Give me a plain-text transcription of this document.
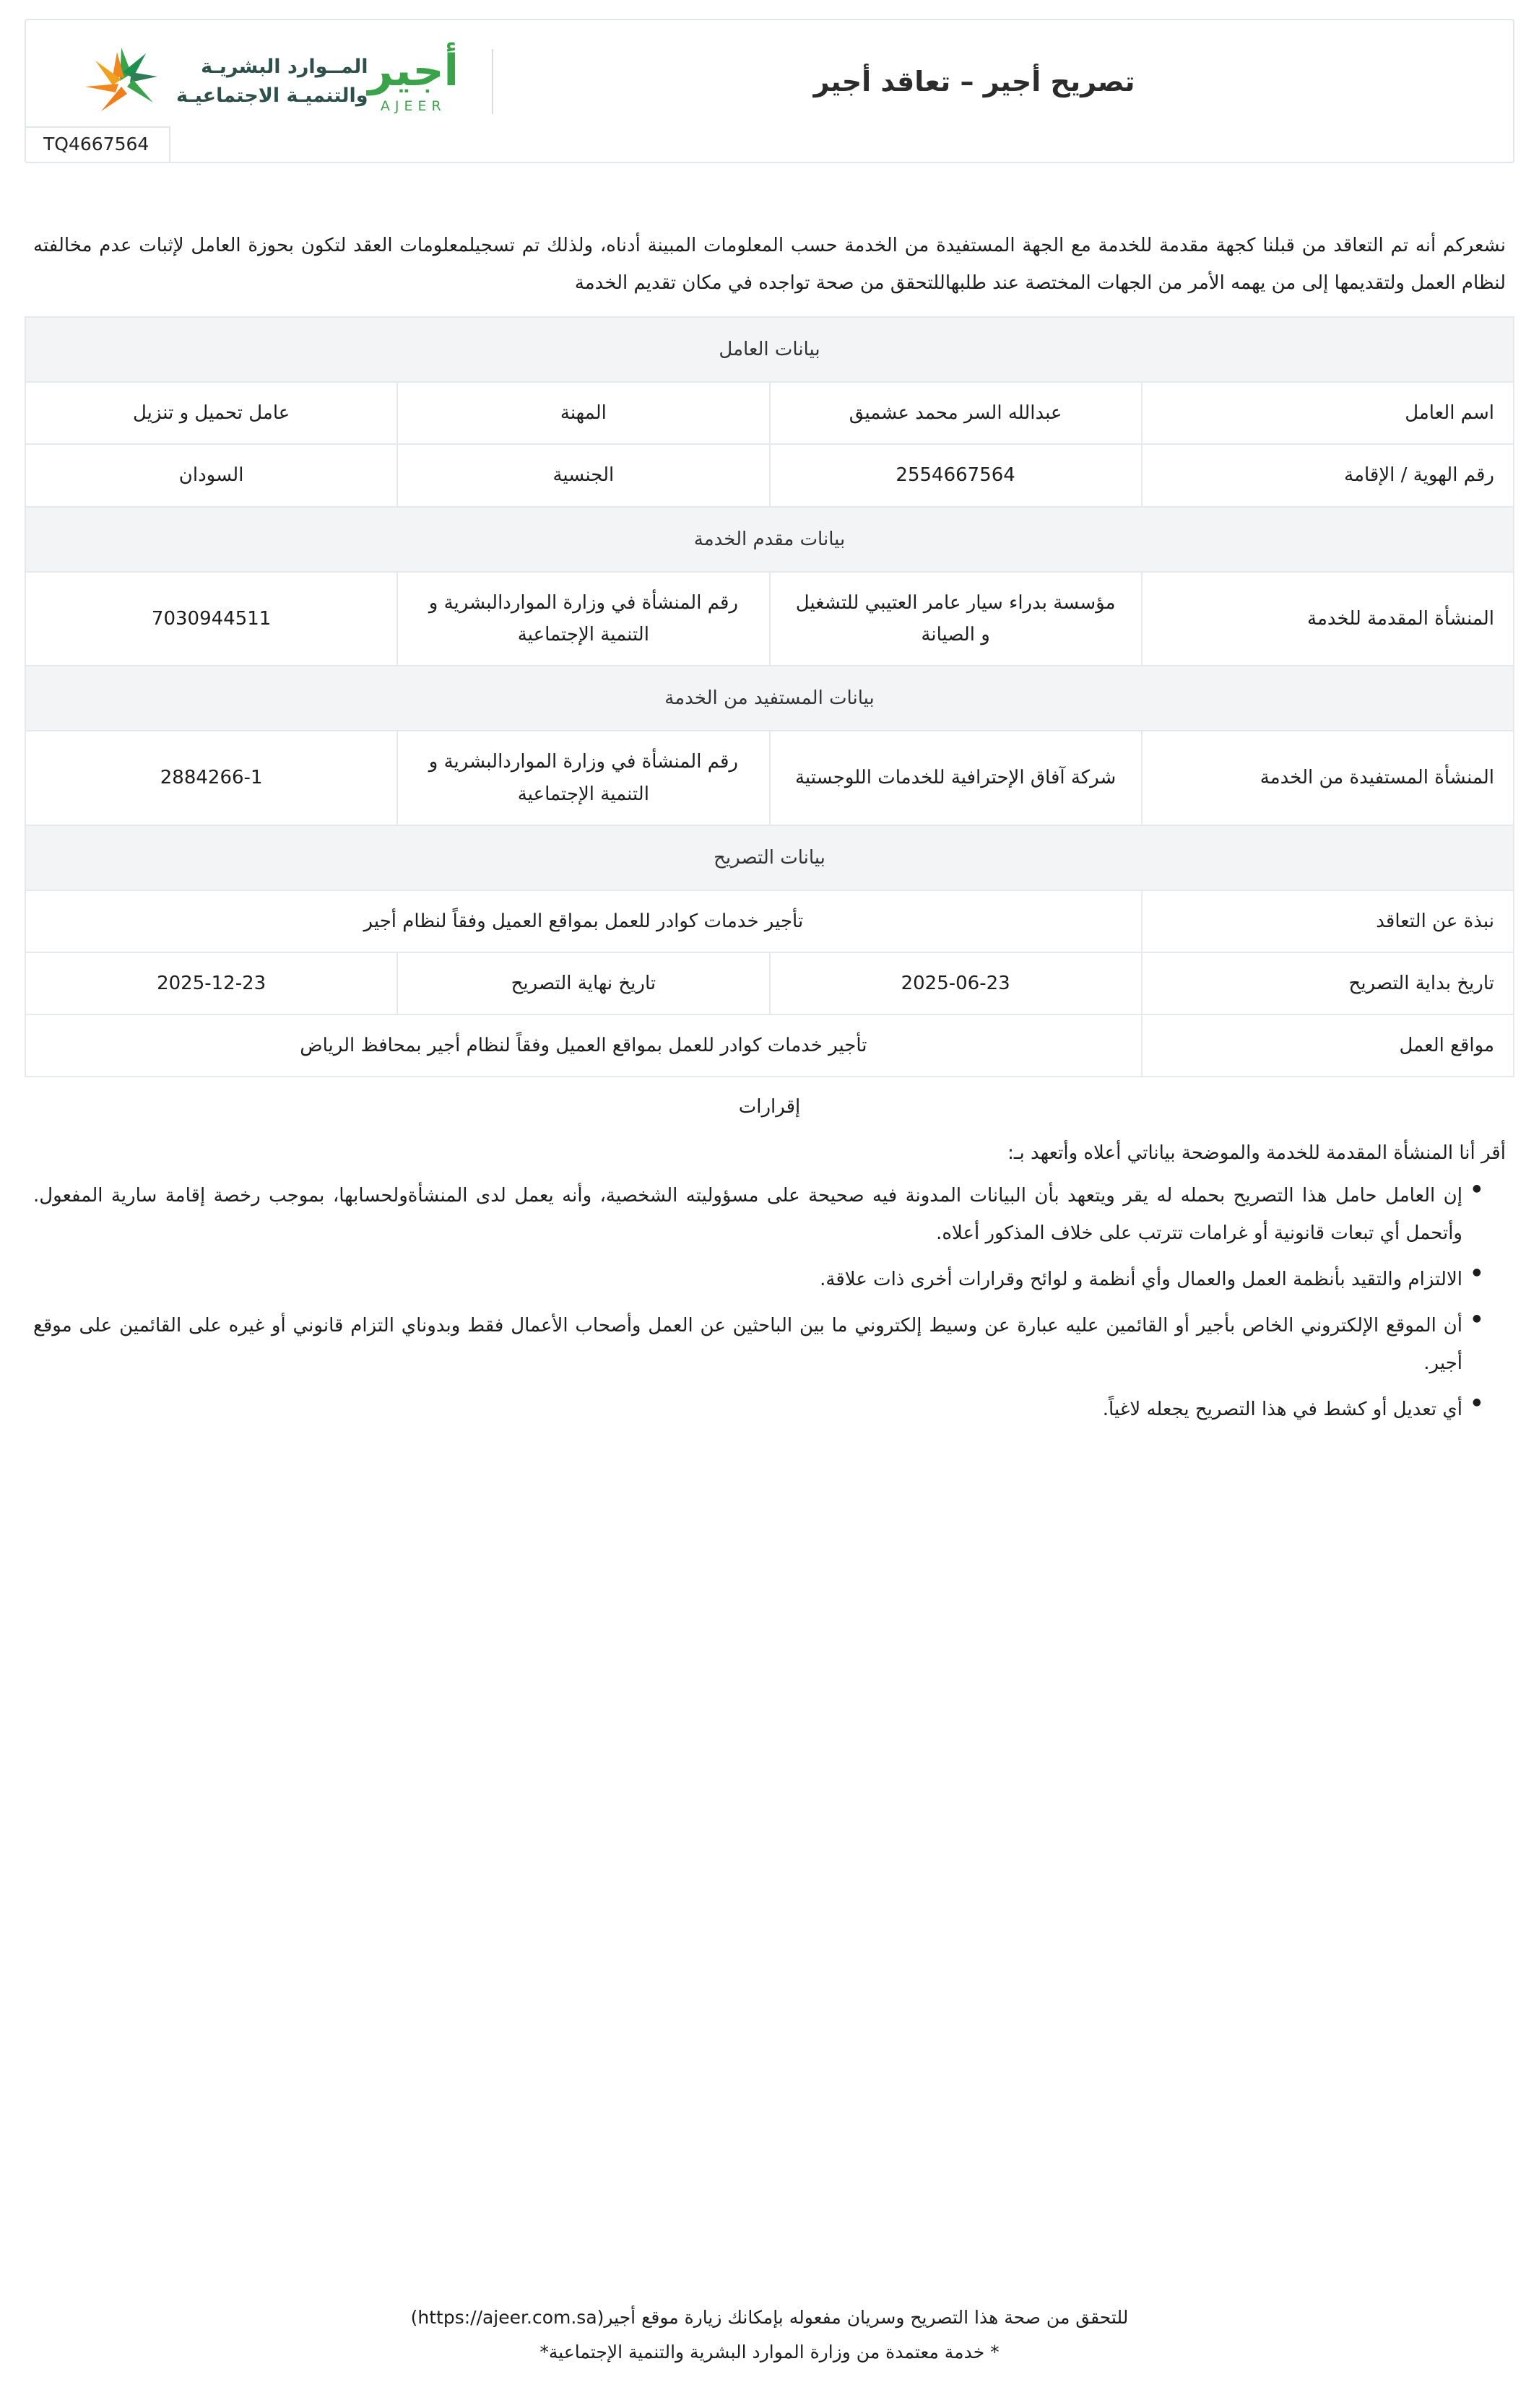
المــوارد البشريـة
والتنميـة الاجتماعيـة أجير
AJEER
تصريح أجير – تعاقد أجير
TQ4667564

نشعركم أنه تم التعاقد من قبلنا كجهة مقدمة للخدمة مع الجهة المستفيدة من الخدمة حسب المعلومات المبينة أدناه، ولذلك تم تسجيلمعلومات العقد لتكون بحوزة العامل لإثبات عدم مخالفته لنظام العمل ولتقديمها إلى من يهمه الأمر من الجهات المختصة عند طلبهاللتحقق من صحة تواجده في مكان تقديم الخدمة

بيانات العامل			
اسم العامل	عبدالله السر محمد عشميق	المهنة	عامل تحميل و تنزيل
رقم الهوية / الإقامة	2554667564	الجنسية	السودان
بيانات مقدم الخدمة			
المنشأة المقدمة للخدمة	مؤسسة بدراء سيار عامر العتيبي للتشغيل و الصيانة	رقم المنشأة في وزارة المواردالبشرية و التنمية الإجتماعية	7030944511
بيانات المستفيد من الخدمة			
المنشأة المستفيدة من الخدمة	شركة آفاق الإحترافية للخدمات اللوجستية	رقم المنشأة في وزارة المواردالبشرية و التنمية الإجتماعية	2884266-1
بيانات التصريح			
نبذة عن التعاقد	تأجير خدمات كوادر للعمل بمواقع العميل وفقاً لنظام أجير		
تاريخ بداية التصريح	2025-06-23	تاريخ نهاية التصريح	2025-12-23
مواقع العمل	تأجير خدمات كوادر للعمل بمواقع العميل وفقاً لنظام أجير بمحافظ الرياض		
إقرارات
أقر أنا المنشأة المقدمة للخدمة والموضحة بياناتي أعلاه وأتعهد بـ:
● إن العامل حامل هذا التصريح بحمله له يقر ويتعهد بأن البيانات المدونة فيه صحيحة على مسؤوليته الشخصية، وأنه يعمل لدى المنشأةولحسابها، بموجب رخصة إقامة سارية المفعول. وأتحمل أي تبعات قانونية أو غرامات تترتب على خلاف المذكور أعلاه.
● الالتزام والتقيد بأنظمة العمل والعمال وأي أنظمة و لوائح وقرارات أخرى ذات علاقة.
● أن الموقع الإلكتروني الخاص بأجير أو القائمين عليه عبارة عن وسيط إلكتروني ما بين الباحثين عن العمل وأصحاب الأعمال فقط وبدوناي التزام قانوني أو غيره على القائمين على موقع أجير.
● أي تعديل أو كشط في هذا التصريح يجعله لاغياً.
للتحقق من صحة هذا التصريح وسريان مفعوله بإمكانك زيارة موقع أجير(https://ajeer.com.sa)
* خدمة معتمدة من وزارة الموارد البشرية والتنمية الإجتماعية*
